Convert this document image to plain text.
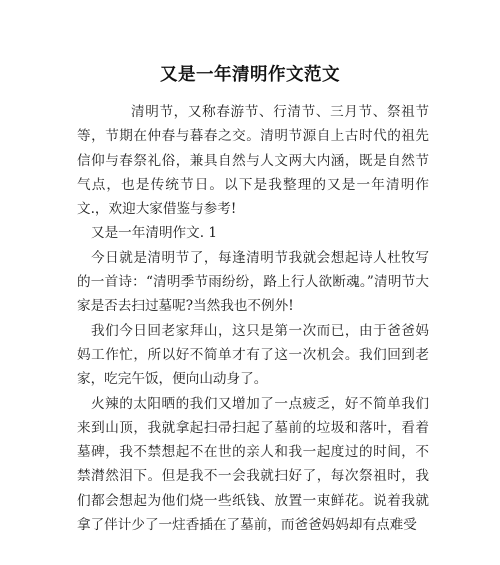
又是一年清明作文范文

清明节，又称春游节、行清节、三月节、祭祖节等，节期在仲春与暮春之交。清明节源自上古时代的祖先信仰与春祭礼俗，兼具自然与人文两大内涵，既是自然节气点，也是传统节日。以下是我整理的又是一年清明作文.，欢迎大家借鉴与参考!

又是一年清明作文. 1

今日就是清明节了，每逢清明节我就会想起诗人杜牧写的一首诗：“清明季节雨纷纷，路上行人欲断魂。”清明节大家是否去扫过墓呢?当然我也不例外!

我们今日回老家拜山，这只是第一次而已，由于爸爸妈妈工作忙，所以好不简单才有了这一次机会。我们回到老家，吃完午饭，便向山动身了。

火辣的太阳晒的我们又增加了一点疲乏，好不简单我们来到山顶，我就拿起扫帚扫起了墓前的垃圾和落叶，看着墓碑，我不禁想起不在世的亲人和我一起度过的时间，不禁潸然泪下。但是我不一会我就扫好了，每次祭祖时，我们都会想起为他们烧一些纸钱、放置一束鲜花。说着我就拿了伴计少了一炷香插在了墓前，而爸爸妈妈却有点难受
